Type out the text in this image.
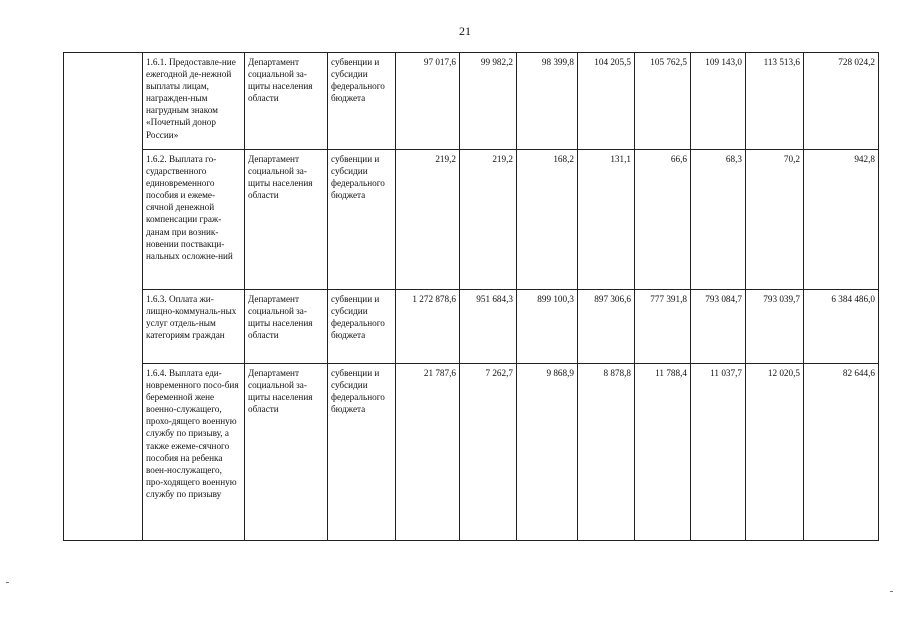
21
	1.6.1. Предоставле-ние ежегодной де-нежной выплаты лицам, награжден-ным нагрудным знаком «Почетный донор России»	Департамент социальной за-щиты населения области	субвенции и субсидии федерального бюджета	97 017,6	99 982,2	98 399,8	104 205,5	105 762,5	109 143,0	113 513,6	728 024,2
	1.6.2. Выплата го-сударственного единовременного пособия и ежеме-сячной денежной компенсации граж-данам при возник-новении поствакци-нальных осложне-ний	Департамент социальной за-щиты населения области	субвенции и субсидии федерального бюджета	219,2	219,2	168,2	131,1	66,6	68,3	70,2	942,8
	1.6.3. Оплата жи-лищно-коммуналь-ных услуг отдель-ным категориям граждан	Департамент социальной за-щиты населения области	субвенции и субсидии федерального бюджета	1 272 878,6	951 684,3	899 100,3	897 306,6	777 391,8	793 084,7	793 039,7	6 384 486,0
	1.6.4. Выплата еди-новременного посо-бия беременной жене военно-служащего, прохо-дящего военную службу по призыву, а также ежеме-сячного пособия на ребенка воен-нослужащего, про-ходящего военную службу по призыву	Департамент социальной за-щиты населения области	субвенции и субсидии федерального бюджета	21 787,6	7 262,7	9 868,9	8 878,8	11 788,4	11 037,7	12 020,5	82 644,6
